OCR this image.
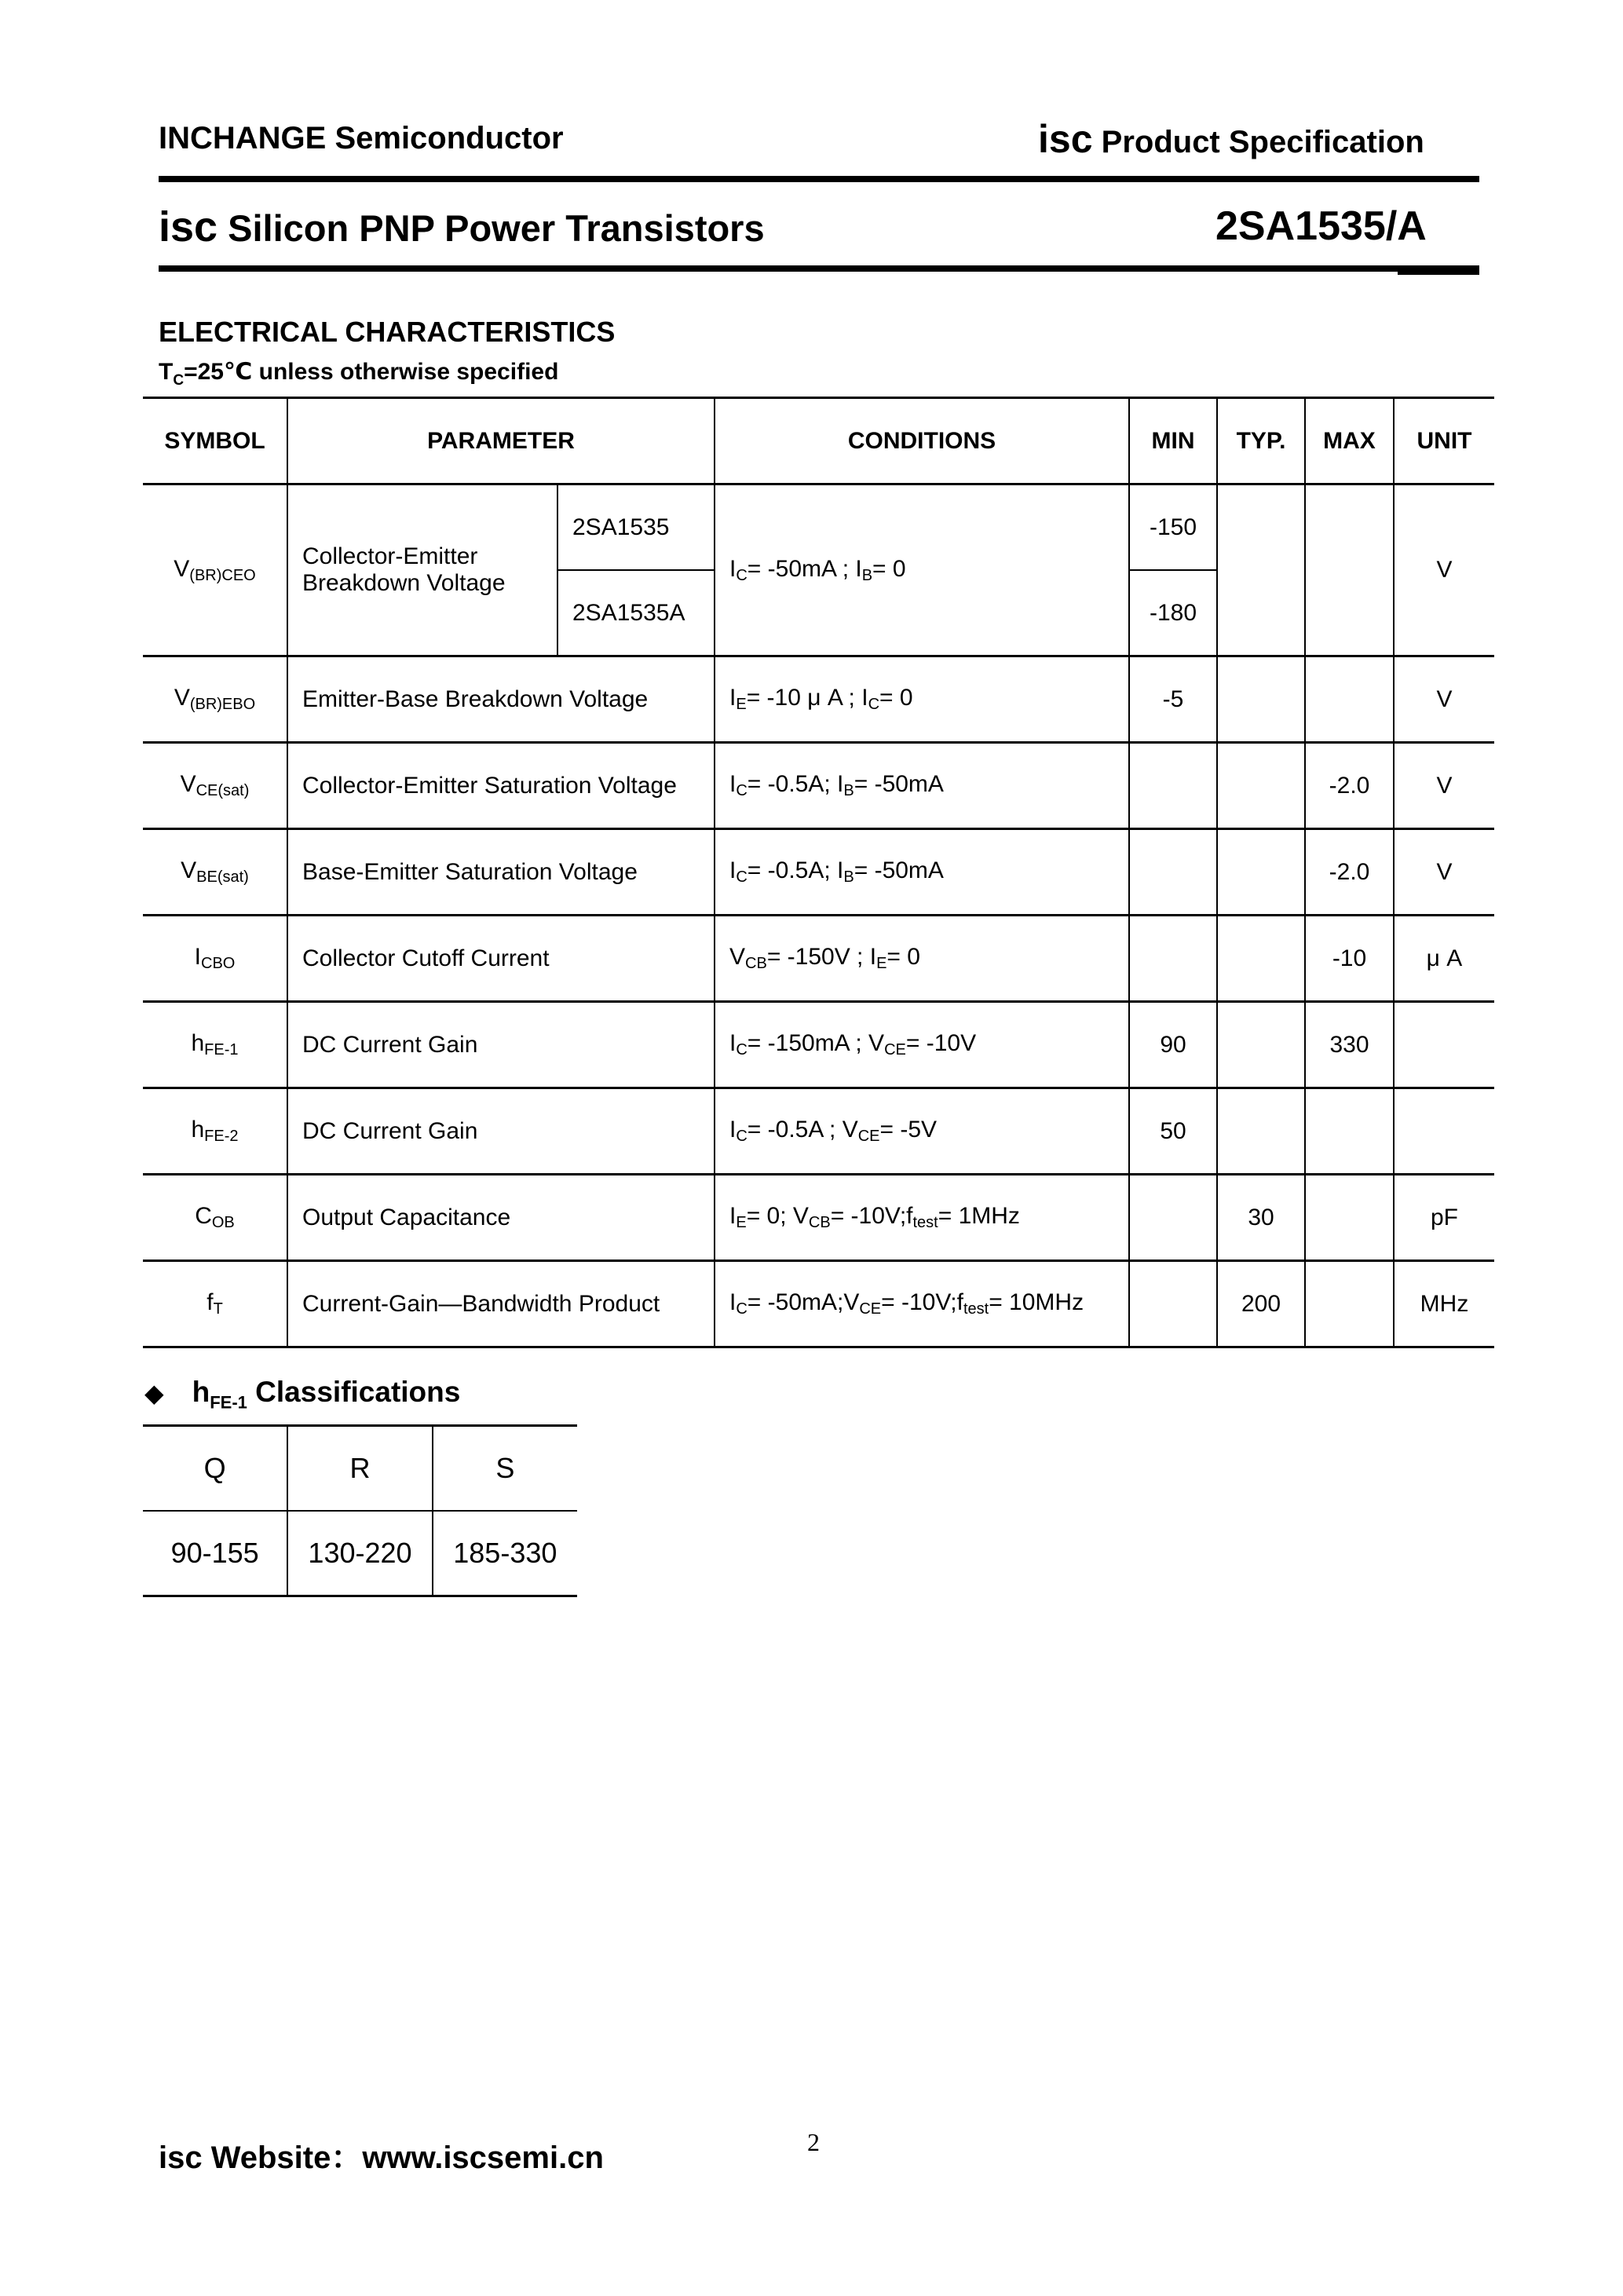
INCHANGE Semiconductor	isc Product Specification
isc Silicon PNP Power Transistors	2SA1535/A
ELECTRICAL CHARACTERISTICS
$T_C=25℃$ unless otherwise specified
SYMBOL	PARAMETER		CONDITIONS	MIN	TYP.	MAX	UNIT
$V_{(BR)CEO}$	Collector-Emitter Breakdown Voltage	2SA1535	$I_C= -50mA$ ; $I_B= 0$	-150			V
		2SA1535A		-180			
$V_{(BR)EBO}$	Emitter-Base Breakdown Voltage		$I_E= -10$ μ A ; $I_C= 0$	-5			V
$V_{CE(sat)}$	Collector-Emitter Saturation Voltage		$I_C= -0.5A$; $I_B= -50mA$			-2.0	V
$V_{BE(sat)}$	Base-Emitter Saturation Voltage		$I_C= -0.5A$; $I_B= -50mA$			-2.0	V
$I_{CBO}$	Collector Cutoff Current		$V_{CB}= -150V$ ; $I_E= 0$			-10	μ A
$h_{FE-1}$	DC Current Gain		$I_C= -150mA$ ; $V_{CE}= -10V$	90		330	
$h_{FE-2}$	DC Current Gain		$I_C= -0.5A$ ; $V_{CE}= -5V$	50			
$C_{OB}$	Output Capacitance		$I_E= 0$; $V_{CB}=$ $-10V;f_{test}= 1MHz$		30		pF
$f_T$	Current-Gain—Bandwidth Product		$I_C=$ $-50mA;V_{CE}=$ $-10V;f_{test}= 10MHz$		200		MHz
◆ $h_{FE-1}$ Classifications
Q	R	S
90-155	130-220	185-330
isc Website：www.iscsemi.cn	2
